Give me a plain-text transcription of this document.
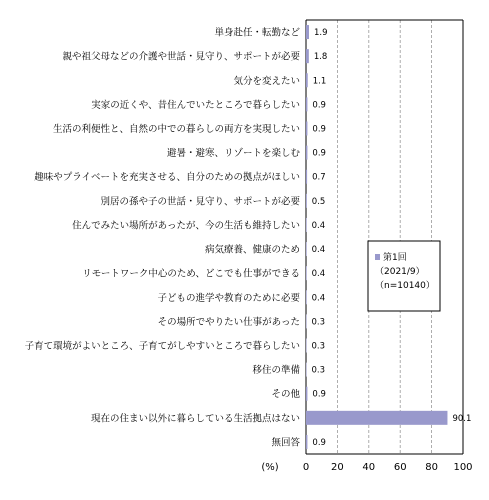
単身赴任・転勤など 1.9
親や祖父母などの介護や世話・見守り、サポートが必要 1.8
気分を変えたい 1.1
実家の近くや、昔住んでいたところで暮らしたい 0.9
生活の利便性と、自然の中での暮らしの両方を実現したい 0.9
避暑・避寒、リゾートを楽しむ 0.9
趣味やプライベートを充実させる、自分のための拠点がほしい 0.7
別居の孫や子の世話・見守り、サポートが必要 0.5
住んでみたい場所があったが、今の生活も維持したい 0.4
病気療養、健康のため 0.4
リモートワーク中心のため、どこでも仕事ができる 0.4
子どもの進学や教育のために必要 0.4
その場所でやりたい仕事があった 0.3
子育て環境がよいところ、子育てがしやすいところで暮らしたい 0.3
移住の準備 0.3
その他 0.9
現在の住まい以外に暮らしている生活拠点はない	90.1
無回答 0.9
0 20 40 60 80 100
(%)
第1回
（2021/9）
（n=10140）
